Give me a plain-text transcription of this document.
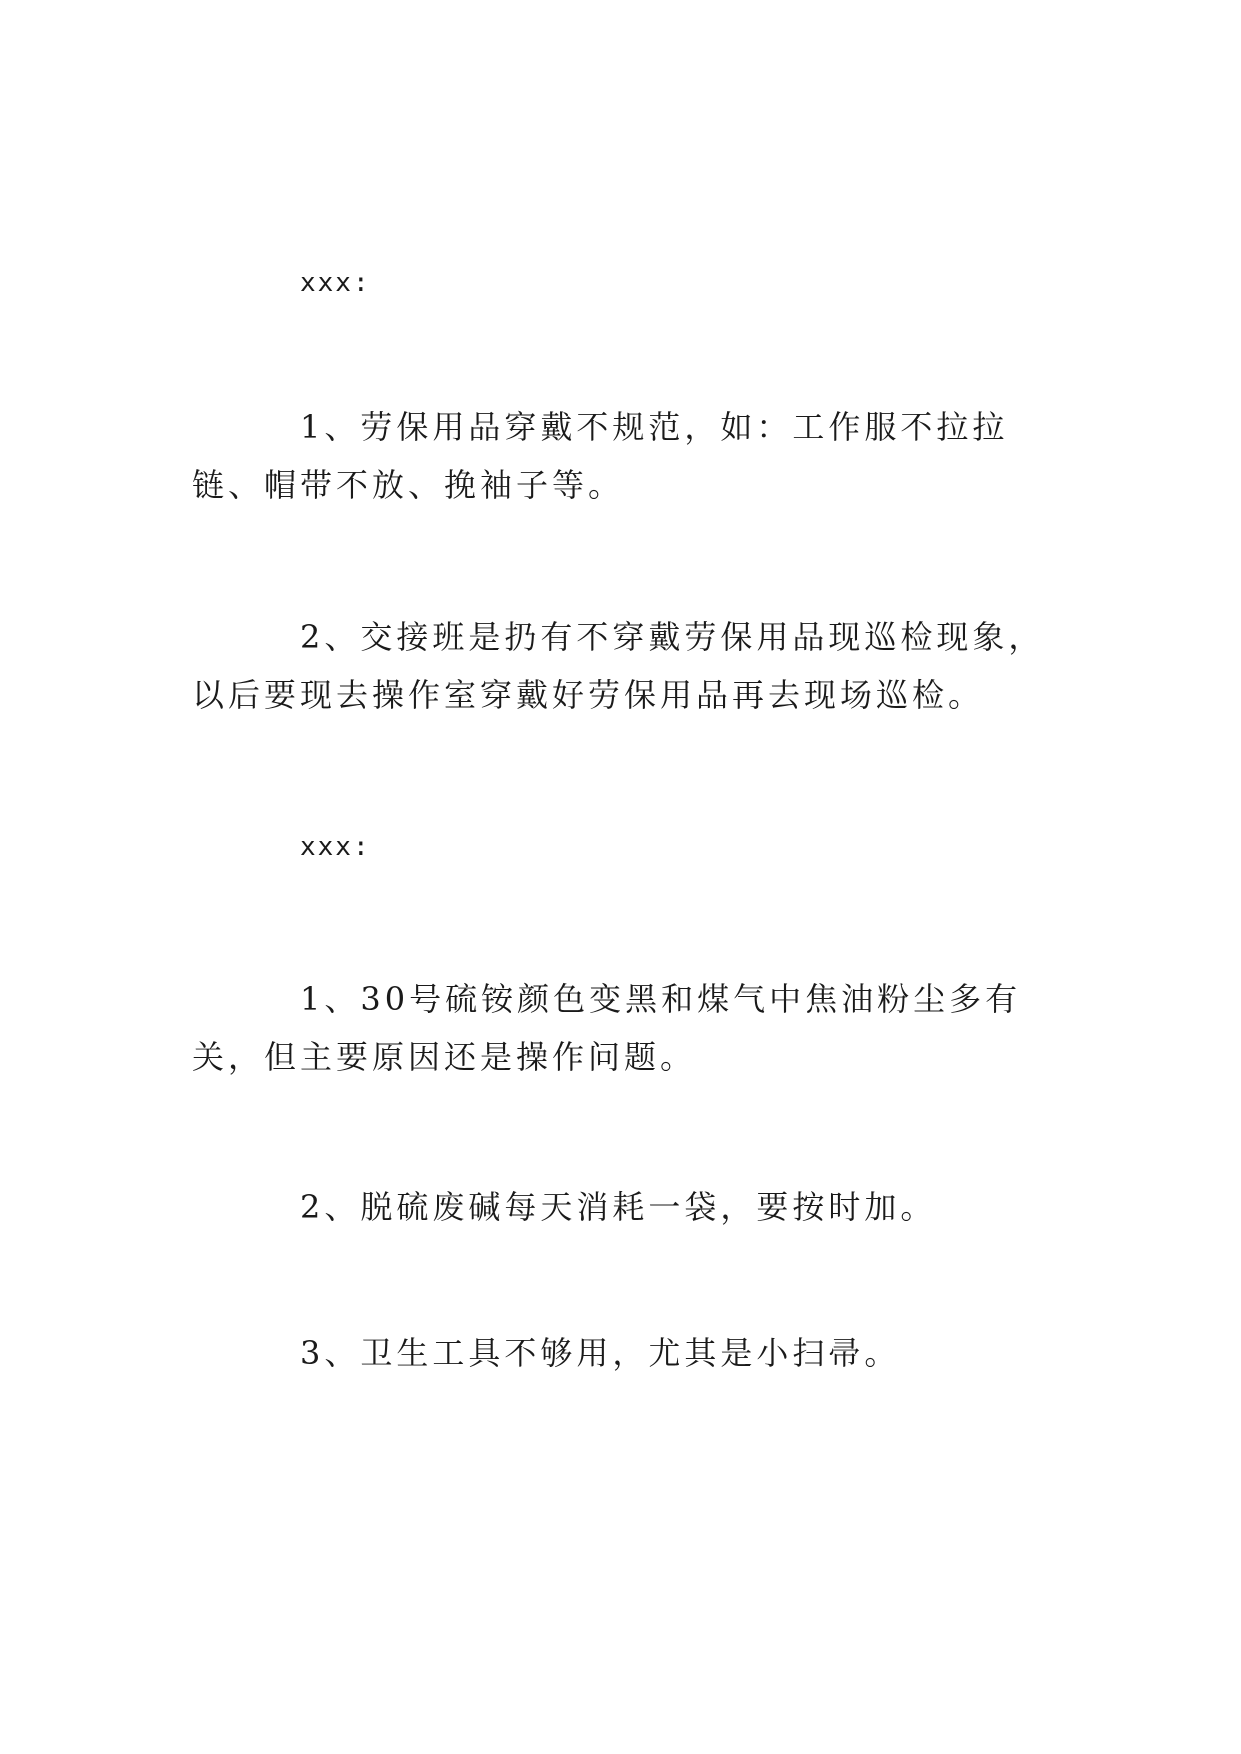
xxx:

1、劳保用品穿戴不规范，如：工作服不拉拉链、帽带不放、挽袖子等。

2、交接班是扔有不穿戴劳保用品现巡检现象，以后要现去操作室穿戴好劳保用品再去现场巡检。

xxx:

1、30号硫铵颜色变黑和煤气中焦油粉尘多有关，但主要原因还是操作问题。

2、脱硫废碱每天消耗一袋，要按时加。

3、卫生工具不够用，尤其是小扫帚。
